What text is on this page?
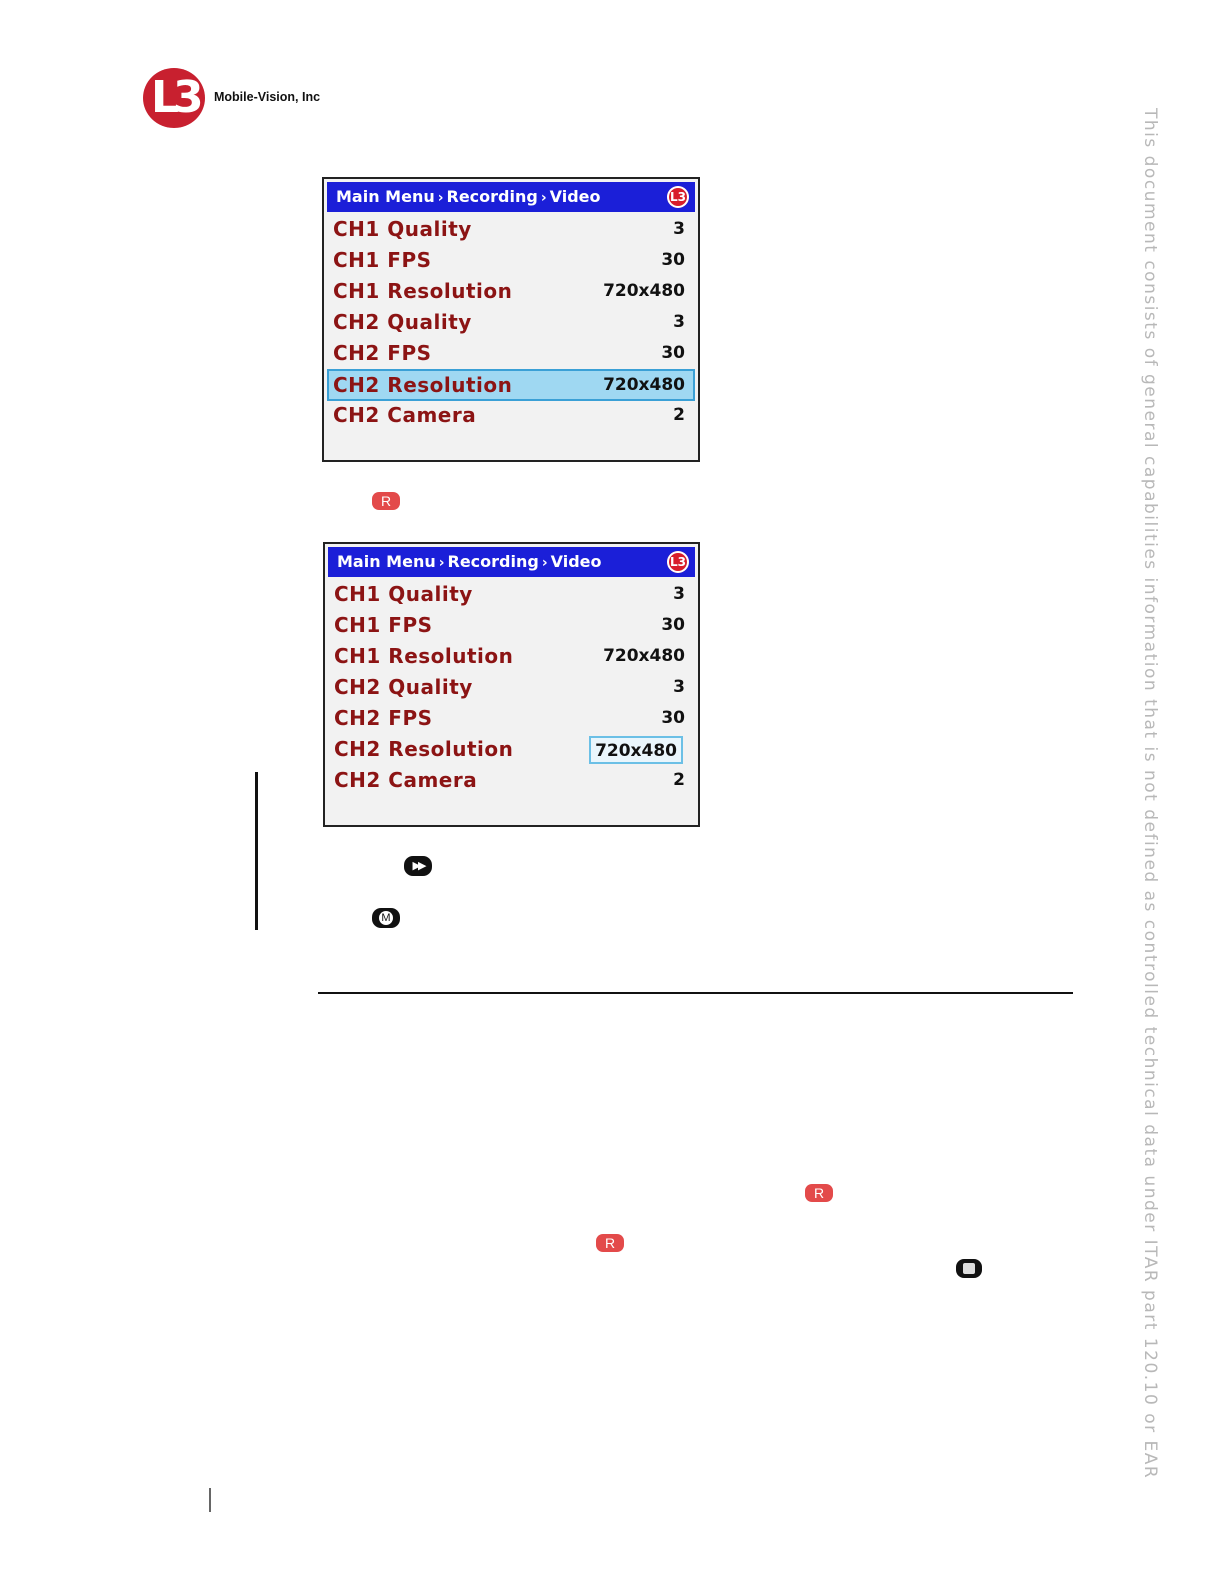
L3 Mobile-Vision, Inc
Main Menu › Recording › Video	L3
CH1 Quality	3
CH1 FPS	30
CH1 Resolution	720x480
CH2 Quality	3
CH2 FPS	30
CH2 Resolution	720x480
CH2 Camera	2
R
Main Menu › Recording › Video	L3
CH1 Quality	3
CH1 FPS	30
CH1 Resolution	720x480
CH2 Quality	3
CH2 FPS	30
CH2 Resolution	720x480
CH2 Camera	2
▶▶
M
R
R	This document consists of general capabilities information that is not defined as controlled technical data under ITAR part 120.10 or EAR
